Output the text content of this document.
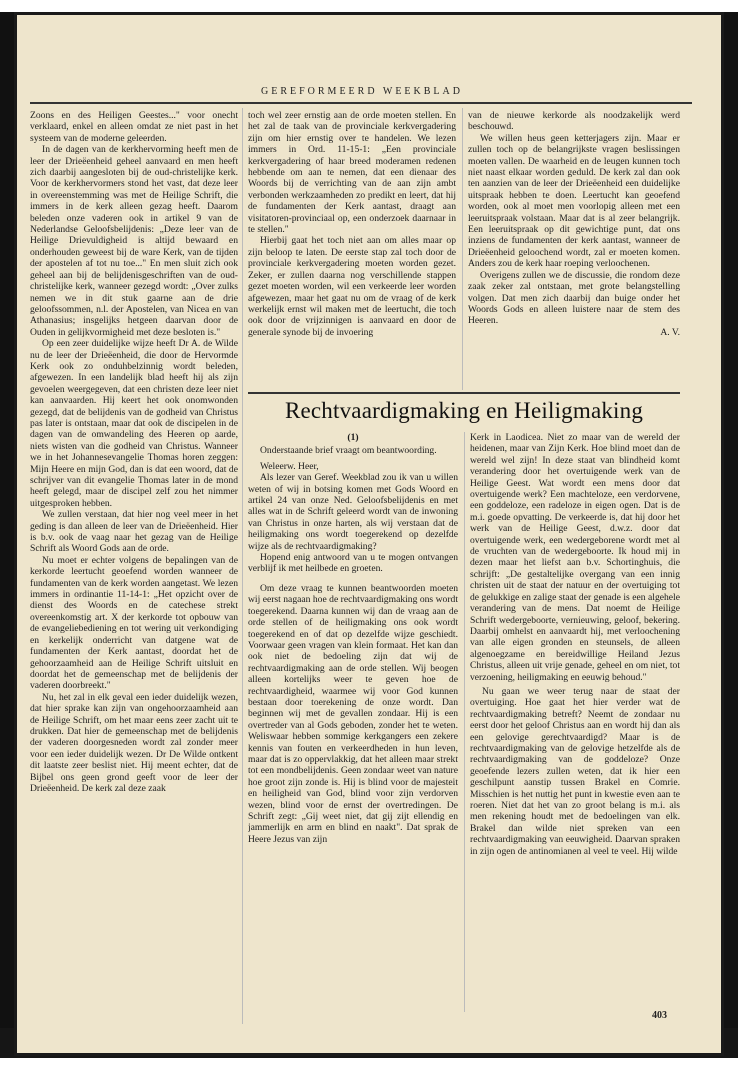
GEREFORMEERD WEEKBLAD

Zoons en des Heiligen Geestes..." voor onecht verklaard, enkel en alleen omdat ze niet past in het systeem van de moderne geleerden.

In de dagen van de kerkhervorming heeft men de leer der Drieëenheid geheel aanvaard en men heeft zich daarbij aangesloten bij de oud-christelijke kerk. Voor de kerkhervormers stond het vast, dat deze leer in overeenstemming was met de Heilige Schrift, die immers in de kerk alleen gezag heeft. Daarom beleden onze vaderen ook in artikel 9 van de Nederlandse Geloofsbelijdenis: „Deze leer van de Heilige Drievuldigheid is altijd bewaard en onderhouden geweest bij de ware Kerk, van de tijden der apostelen af tot nu toe..." En men sluit zich ook geheel aan bij de belijdenisgeschriften van de oud-christelijke kerk, wanneer gezegd wordt: „Over zulks nemen we in dit stuk gaarne aan de drie geloofssommen, n.l. der Apostelen, van Nicea en van Athanasius; insgelijks hetgeen daarvan door de Ouden in gelijkvormigheid met deze besloten is."

Op een zeer duidelijke wijze heeft Dr A. de Wilde nu de leer der Drieëenheid, die door de Hervormde Kerk ook zo onduhbelzinnig wordt beleden, afgewezen. In een landelijk blad heeft hij als zijn gevoelen weergegeven, dat een christen deze leer niet kan aanvaarden. Hij keert het ook onomwonden gezegd, dat de belijdenis van de godheid van Christus pas later is ontstaan, maar dat ook de discipelen in de dagen van de omwandeling des Heeren op aarde, niets wisten van die godheid van Christus. Wanneer we in het Johannesevangelie Thomas horen zeggen: Mijn Heere en mijn God, dan is dat een woord, dat de schrijver van dit evangelie Thomas later in de mond heeft gelegd, maar de discipel zelf zou het nimmer uitgesproken hebben.

We zullen verstaan, dat hier nog veel meer in het geding is dan alleen de leer van de Drieëenheid. Hier is b.v. ook de vaag naar het gezag van de Heilige Schrift als Woord Gods aan de orde.

Nu moet er echter volgens de bepalingen van de kerkorde leertucht geoefend worden wanneer de fundamenten van de kerk worden aangetast. We lezen immers in ordinantie 11-14-1: „Het opzicht over de dienst des Woords en de catechese strekt overeenkomstig art. X der kerkorde tot opbouw van de evangeliebediening en tot wering uit verkondiging en kerkelijk onderricht van datgene wat de fundamenten der Kerk aantast, doordat het de gehoorzaamheid aan de Heilige Schrift uitsluit en doordat het de gemeenschap met de belijdenis der vaderen doorbreekt."

Nu, het zal in elk geval een ieder duidelijk wezen, dat hier sprake kan zijn van ongehoorzaamheid aan de Heilige Schrift, om het maar eens zeer zacht uit te drukken. Dat hier de gemeenschap met de belijdenis der vaderen doorgesneden wordt zal zonder meer voor een ieder duidelijk wezen. Dr De Wilde ontkent dit laatste zeer beslist niet. Hij meent echter, dat de Bijbel ons geen grond geeft voor de leer der Drieëenheid. De kerk zal deze zaak

toch wel zeer ernstig aan de orde moeten stellen. En het zal de taak van de provinciale kerkvergadering zijn om hier ernstig over te handelen. We lezen immers in Ord. 11-15-1: „Een provinciale kerkvergadering of haar breed moderamen redenen hebbende om aan te nemen, dat een dienaar des Woords bij de verrichting van de aan zijn ambt verbonden werkzaamheden zo predikt en leert, dat hij de fundamenten der Kerk aantast, draagt aan visitatoren-provinciaal op, een onderzoek daarnaar in te stellen."

Hierbij gaat het toch niet aan om alles maar op zijn beloop te laten. De eerste stap zal toch door de provinciale kerkvergadering moeten worden gezet. Zeker, er zullen daarna nog verschillende stappen gezet moeten worden, wil een verkeerde leer worden afgewezen, maar het gaat nu om de vraag of de kerk werkelijk ernst wil maken met de leertucht, die toch ook door de vrijzinnigen is aanvaard en door de generale synode bij de invoering

van de nieuwe kerkorde als noodzakelijk werd beschouwd.

We willen heus geen ketterjagers zijn. Maar er zullen toch op de belangrijkste vragen beslissingen moeten vallen. De waarheid en de leugen kunnen toch niet naast elkaar worden geduld. De kerk zal dan ook ten aanzien van de leer der Drieëenheid een duidelijke uitspraak hebben te doen. Leertucht kan geoefend worden, ook al moet men voorlopig alleen met een leeruitspraak volstaan. Maar dat is al zeer belangrijk. Een leeruitspraak op dit gewichtige punt, dat ons inziens de fundamenten der kerk aantast, wanneer de Drieëenheid geloochend wordt, zal er moeten komen. Anders zou de kerk haar roeping verloochenen.

Overigens zullen we de discussie, die rondom deze zaak zeker zal ontstaan, met grote belangstelling volgen. Dat men zich daarbij dan buige onder het Woords Gods en alleen luistere naar de stem des Heeren.

A. V.

Rechtvaardigmaking en Heiligmaking

(1)

Onderstaande brief vraagt om beantwoording.

Weleerw. Heer,

Als lezer van Geref. Weekblad zou ik van u willen weten of wij in botsing komen met Gods Woord en artikel 24 van onze Ned. Geloofsbelijdenis en met alles wat in de Schrift geleerd wordt van de inwoning van Christus in onze harten, als wij verstaan dat de heiligmaking ons wordt toegerekend op dezelfde wijze als de rechtvaardigmaking?

Hopend enig antwoord van u te mogen ontvangen verblijf ik met heilbede en groeten.

Om deze vraag te kunnen beantwoorden moeten wij eerst nagaan hoe de rechtvaardigmaking ons wordt toegerekend. Daarna kunnen wij dan de vraag aan de orde stellen of de heiligmaking ons ook wordt toegerekend en of dat op dezelfde wijze geschiedt. Voorwaar geen vragen van klein formaat. Het kan dan ook niet de bedoeling zijn dat wij de rechtvaardigmaking aan de orde stellen. Wij beogen alleen kortelijks weer te geven hoe de rechtvaardigheid, waarmee wij voor God kunnen bestaan door toerekening de onze wordt. Dan beginnen wij met de gevallen zondaar. Hij is een overtreder van al Gods geboden, zonder het te weten. Weliswaar hebben sommige kerkgangers een zekere kennis van fouten en verkeerdheden in hun leven, maar dat is zo oppervlakkig, dat het alleen maar strekt tot een mondbelijdenis. Geen zondaar weet van nature hoe groot zijn zonde is. Hij is blind voor de majesteit en heiligheid van God, blind voor zijn verdorven wezen, blind voor de ernst der overtredingen. De Schrift zegt: „Gij weet niet, dat gij zijt ellendig en jammerlijk en arm en blind en naakt". Dat sprak de Heere Jezus van zijn

Kerk in Laodicea. Niet zo maar van de wereld der heidenen, maar van Zijn Kerk. Hoe blind moet dan de wereld wel zijn! In deze staat van blindheid komt verandering door het overtuigende werk van de Heilige Geest. Wat wordt een mens door dat overtuigende werk? Een machteloze, een verdorvene, een goddeloze, een radeloze in eigen ogen. Dat is de m.i. goede opvatting. De verkeerde is, dat hij door het werk van de Heilige Geest, d.w.z. door dat overtuigende werk, een wedergeborene wordt met al de vruchten van de wedergeboorte. Ik houd mij in dezen maar het liefst aan b.v. Schortinghuis, die schrijft: „De gestaltelijke overgang van een innig christen uit de staat der natuur en der overtuiging tot de gelukkige en zalige staat der genade is een algehele verandering van de mens. Dat noemt de Heilige Schrift wedergeboorte, vernieuwing, geloof, bekering. Daarbij omhelst en aanvaardt hij, met verloochening van alle eigen gronden en steunsels, de alleen algenoegzame en bereidwillige Heiland Jezus Christus, alleen uit vrije genade, geheel en om niet, tot verzoening, heiligmaking en eeuwig behoud."

Nu gaan we weer terug naar de staat der overtuiging. Hoe gaat het hier verder wat de rechtvaardigmaking betreft? Neemt de zondaar nu eerst door het geloof Christus aan en wordt hij dan als een gelovige gerechtvaardigd? Maar is de rechtvaardigmaking van de gelovige hetzelfde als de rechtvaardigmaking van de goddeloze? Onze geoefende lezers zullen weten, dat ik hier een geschilpunt aanstip tussen Brakel en Comrie. Misschien is het nuttig het punt in kwestie even aan te roeren. Niet dat het van zo groot belang is m.i. als men rekening houdt met de bedoelingen van elk. Brakel dan wilde niet spreken van een rechtvaardigmaking van eeuwigheid. Daarvan spraken in zijn ogen de antinomianen al veel te veel. Hij wilde

403
